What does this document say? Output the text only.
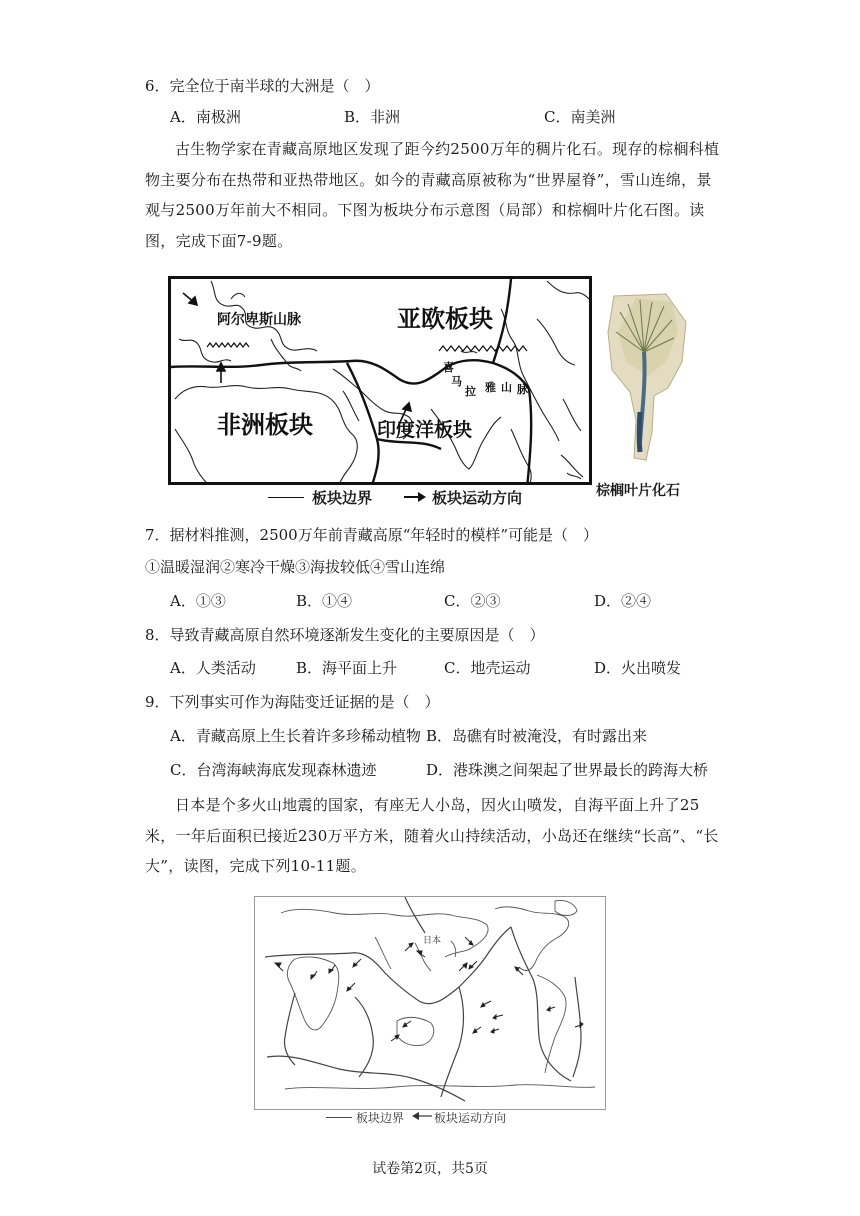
6．完全位于南半球的大洲是（　）
A．南极洲	B．非洲	C．南美洲
古生物学家在青藏高原地区发现了距今约2500万年的稠片化石。现存的棕榈科植物主要分布在热带和亚热带地区。如今的青藏高原被称为“世界屋脊”，雪山连绵，景观与2500万年前大不相同。下图为板块分布示意图（局部）和棕榈叶片化石图。读图，完成下面7-9题。
亚欧板块
非洲板块	印度洋板块
阿尔卑斯山脉
喜
马
拉 雅 山 脉
棕榈叶片化石
板块边界	板块运动方向
7．据材料推测，2500万年前青藏高原“年轻时的模样”可能是（　）
①温暖湿润②寒冷干燥③海拔较低④雪山连绵
A．①③	B．①④	C．②③	D．②④
8．导致青藏高原自然环境逐渐发生变化的主要原因是（　）
A．人类活动	B．海平面上升	C．地壳运动	D．火出喷发
9．下列事实可作为海陆变迁证据的是（　）
A．青藏高原上生长着许多珍稀动植物 B．岛礁有时被淹没，有时露出来
C．台湾海峡海底发现森林遗迹	D．港珠澳之间架起了世界最长的跨海大桥
日本是个多火山地震的国家，有座无人小岛，因火山喷发，自海平面上升了25米，一年后面积已接近230万平方米，随着火山持续活动，小岛还在继续“长高”、“长大”，读图，完成下列10-11题。
日本
板块边界 板块运动方向
试卷第2页，共5页
